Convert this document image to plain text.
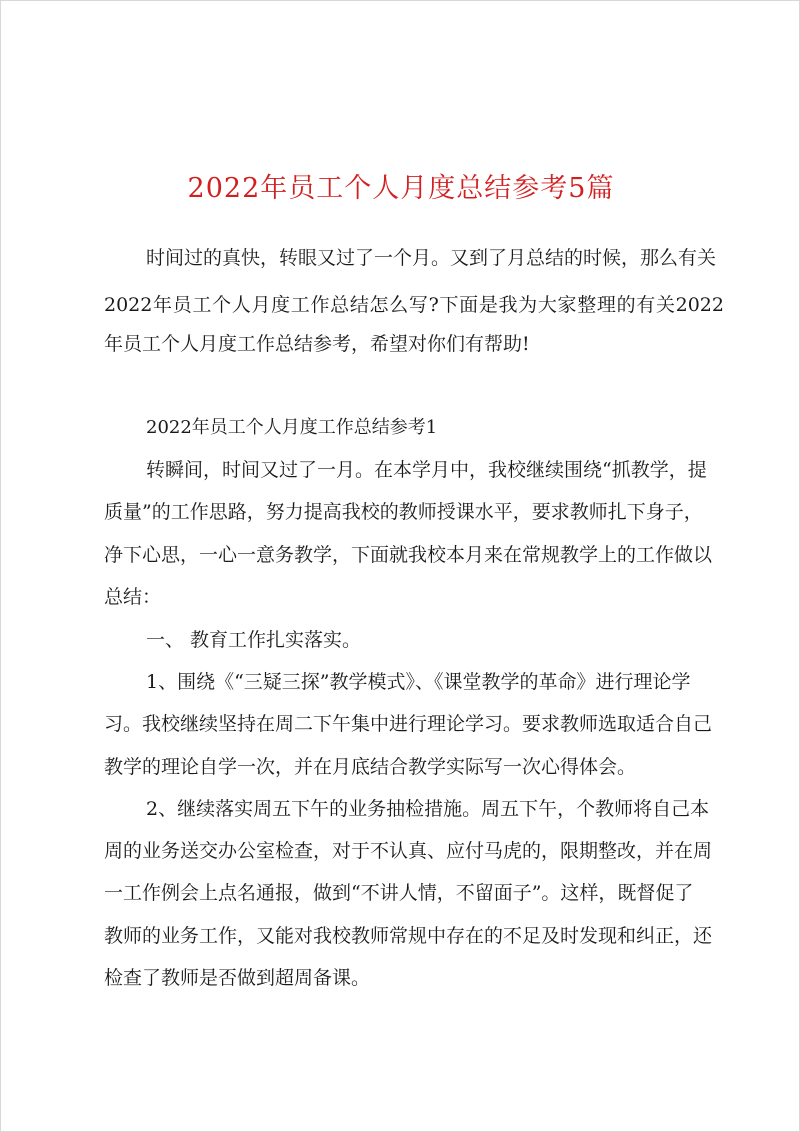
2022年员工个人月度总结参考5篇

时间过的真快，转眼又过了一个月。又到了月总结的时候，那么有关

2022年员工个人月度工作总结怎么写?下面是我为大家整理的有关2022

年员工个人月度工作总结参考，希望对你们有帮助!

2022年员工个人月度工作总结参考1

转瞬间，时间又过了一月。在本学月中，我校继续围绕“抓教学，提

质量”的工作思路，努力提高我校的教师授课水平，要求教师扎下身子，

净下心思，一心一意务教学，下面就我校本月来在常规教学上的工作做以

总结：

一、 教育工作扎实落实。

1、围绕《“三疑三探”教学模式》、《课堂教学的革命》进行理论学

习。我校继续坚持在周二下午集中进行理论学习。要求教师选取适合自己

教学的理论自学一次，并在月底结合教学实际写一次心得体会。

2、继续落实周五下午的业务抽检措施。周五下午，个教师将自己本

周的业务送交办公室检查，对于不认真、应付马虎的，限期整改，并在周

一工作例会上点名通报，做到“不讲人情，不留面子”。这样，既督促了

教师的业务工作，又能对我校教师常规中存在的不足及时发现和纠正，还

检查了教师是否做到超周备课。
